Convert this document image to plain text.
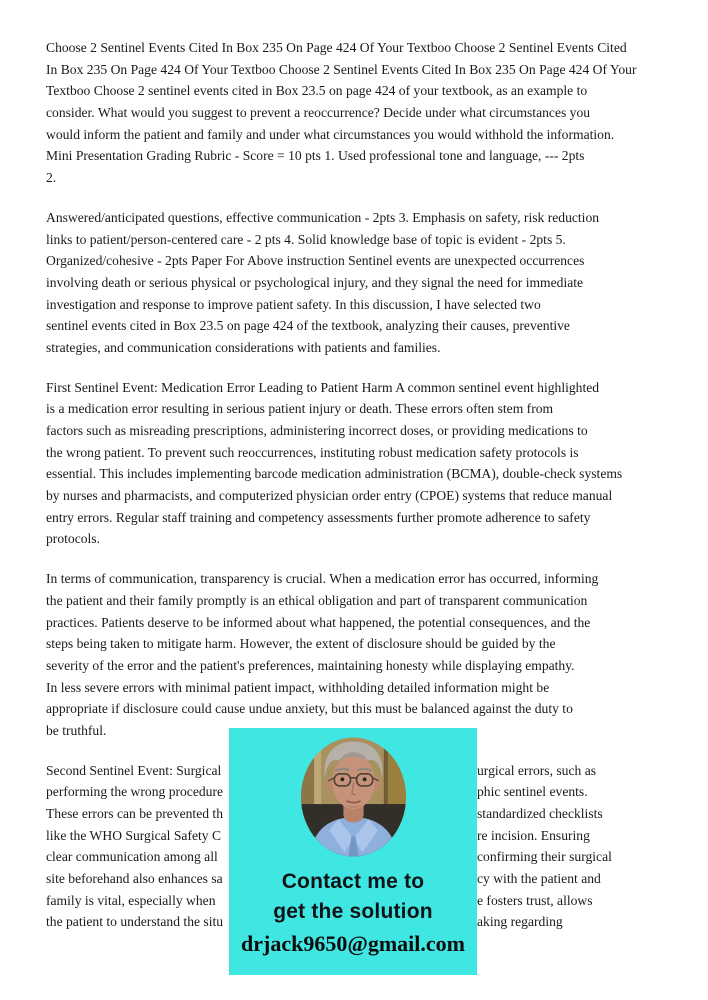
Choose 2 Sentinel Events Cited In Box 235 On Page 424 Of Your Textboo Choose 2 Sentinel Events Cited
In Box 235 On Page 424 Of Your Textboo Choose 2 Sentinel Events Cited In Box 235 On Page 424 Of Your
Textboo Choose 2 sentinel events cited in Box 23.5 on page 424 of your textbook, as an example to
consider. What would you suggest to prevent a reoccurrence? Decide under what circumstances you
would inform the patient and family and under what circumstances you would withhold the information.
Mini Presentation Grading Rubric - Score = 10 pts 1. Used professional tone and language, --- 2pts
2.
Answered/anticipated questions, effective communication - 2pts 3. Emphasis on safety, risk reduction
links to patient/person-centered care - 2 pts 4. Solid knowledge base of topic is evident - 2pts 5.
Organized/cohesive - 2pts Paper For Above instruction Sentinel events are unexpected occurrences
involving death or serious physical or psychological injury, and they signal the need for immediate
investigation and response to improve patient safety. In this discussion, I have selected two
sentinel events cited in Box 23.5 on page 424 of the textbook, analyzing their causes, preventive
strategies, and communication considerations with patients and families.
First Sentinel Event: Medication Error Leading to Patient Harm A common sentinel event highlighted
is a medication error resulting in serious patient injury or death. These errors often stem from
factors such as misreading prescriptions, administering incorrect doses, or providing medications to
the wrong patient. To prevent such reoccurrences, instituting robust medication safety protocols is
essential. This includes implementing barcode medication administration (BCMA), double-check systems
by nurses and pharmacists, and computerized physician order entry (CPOE) systems that reduce manual
entry errors. Regular staff training and competency assessments further promote adherence to safety
protocols.
In terms of communication, transparency is crucial. When a medication error has occurred, informing
the patient and their family promptly is an ethical obligation and part of transparent communication
practices. Patients deserve to be informed about what happened, the potential consequences, and the
steps being taken to mitigate harm. However, the extent of disclosure should be guided by the
severity of the error and the patient's preferences, maintaining honesty while displaying empathy.
In less severe errors with minimal patient impact, withholding detailed information might be
appropriate if disclosure could cause undue anxiety, but this must be balanced against the duty to
be truthful.
Second Sentinel Event: Surgical	urgical errors, such as
performing the wrong procedure	phic sentinel events.
These errors can be prevented th	standardized checklists
like the WHO Surgical Safety C	re incision. Ensuring
clear communication among all	confirming their surgical
site beforehand also enhances sa	cy with the patient and
family is vital, especially when	e fosters trust, allows
the patient to understand the situ	aking regarding
Contact me to
get the solution
drjack9650@gmail.com
